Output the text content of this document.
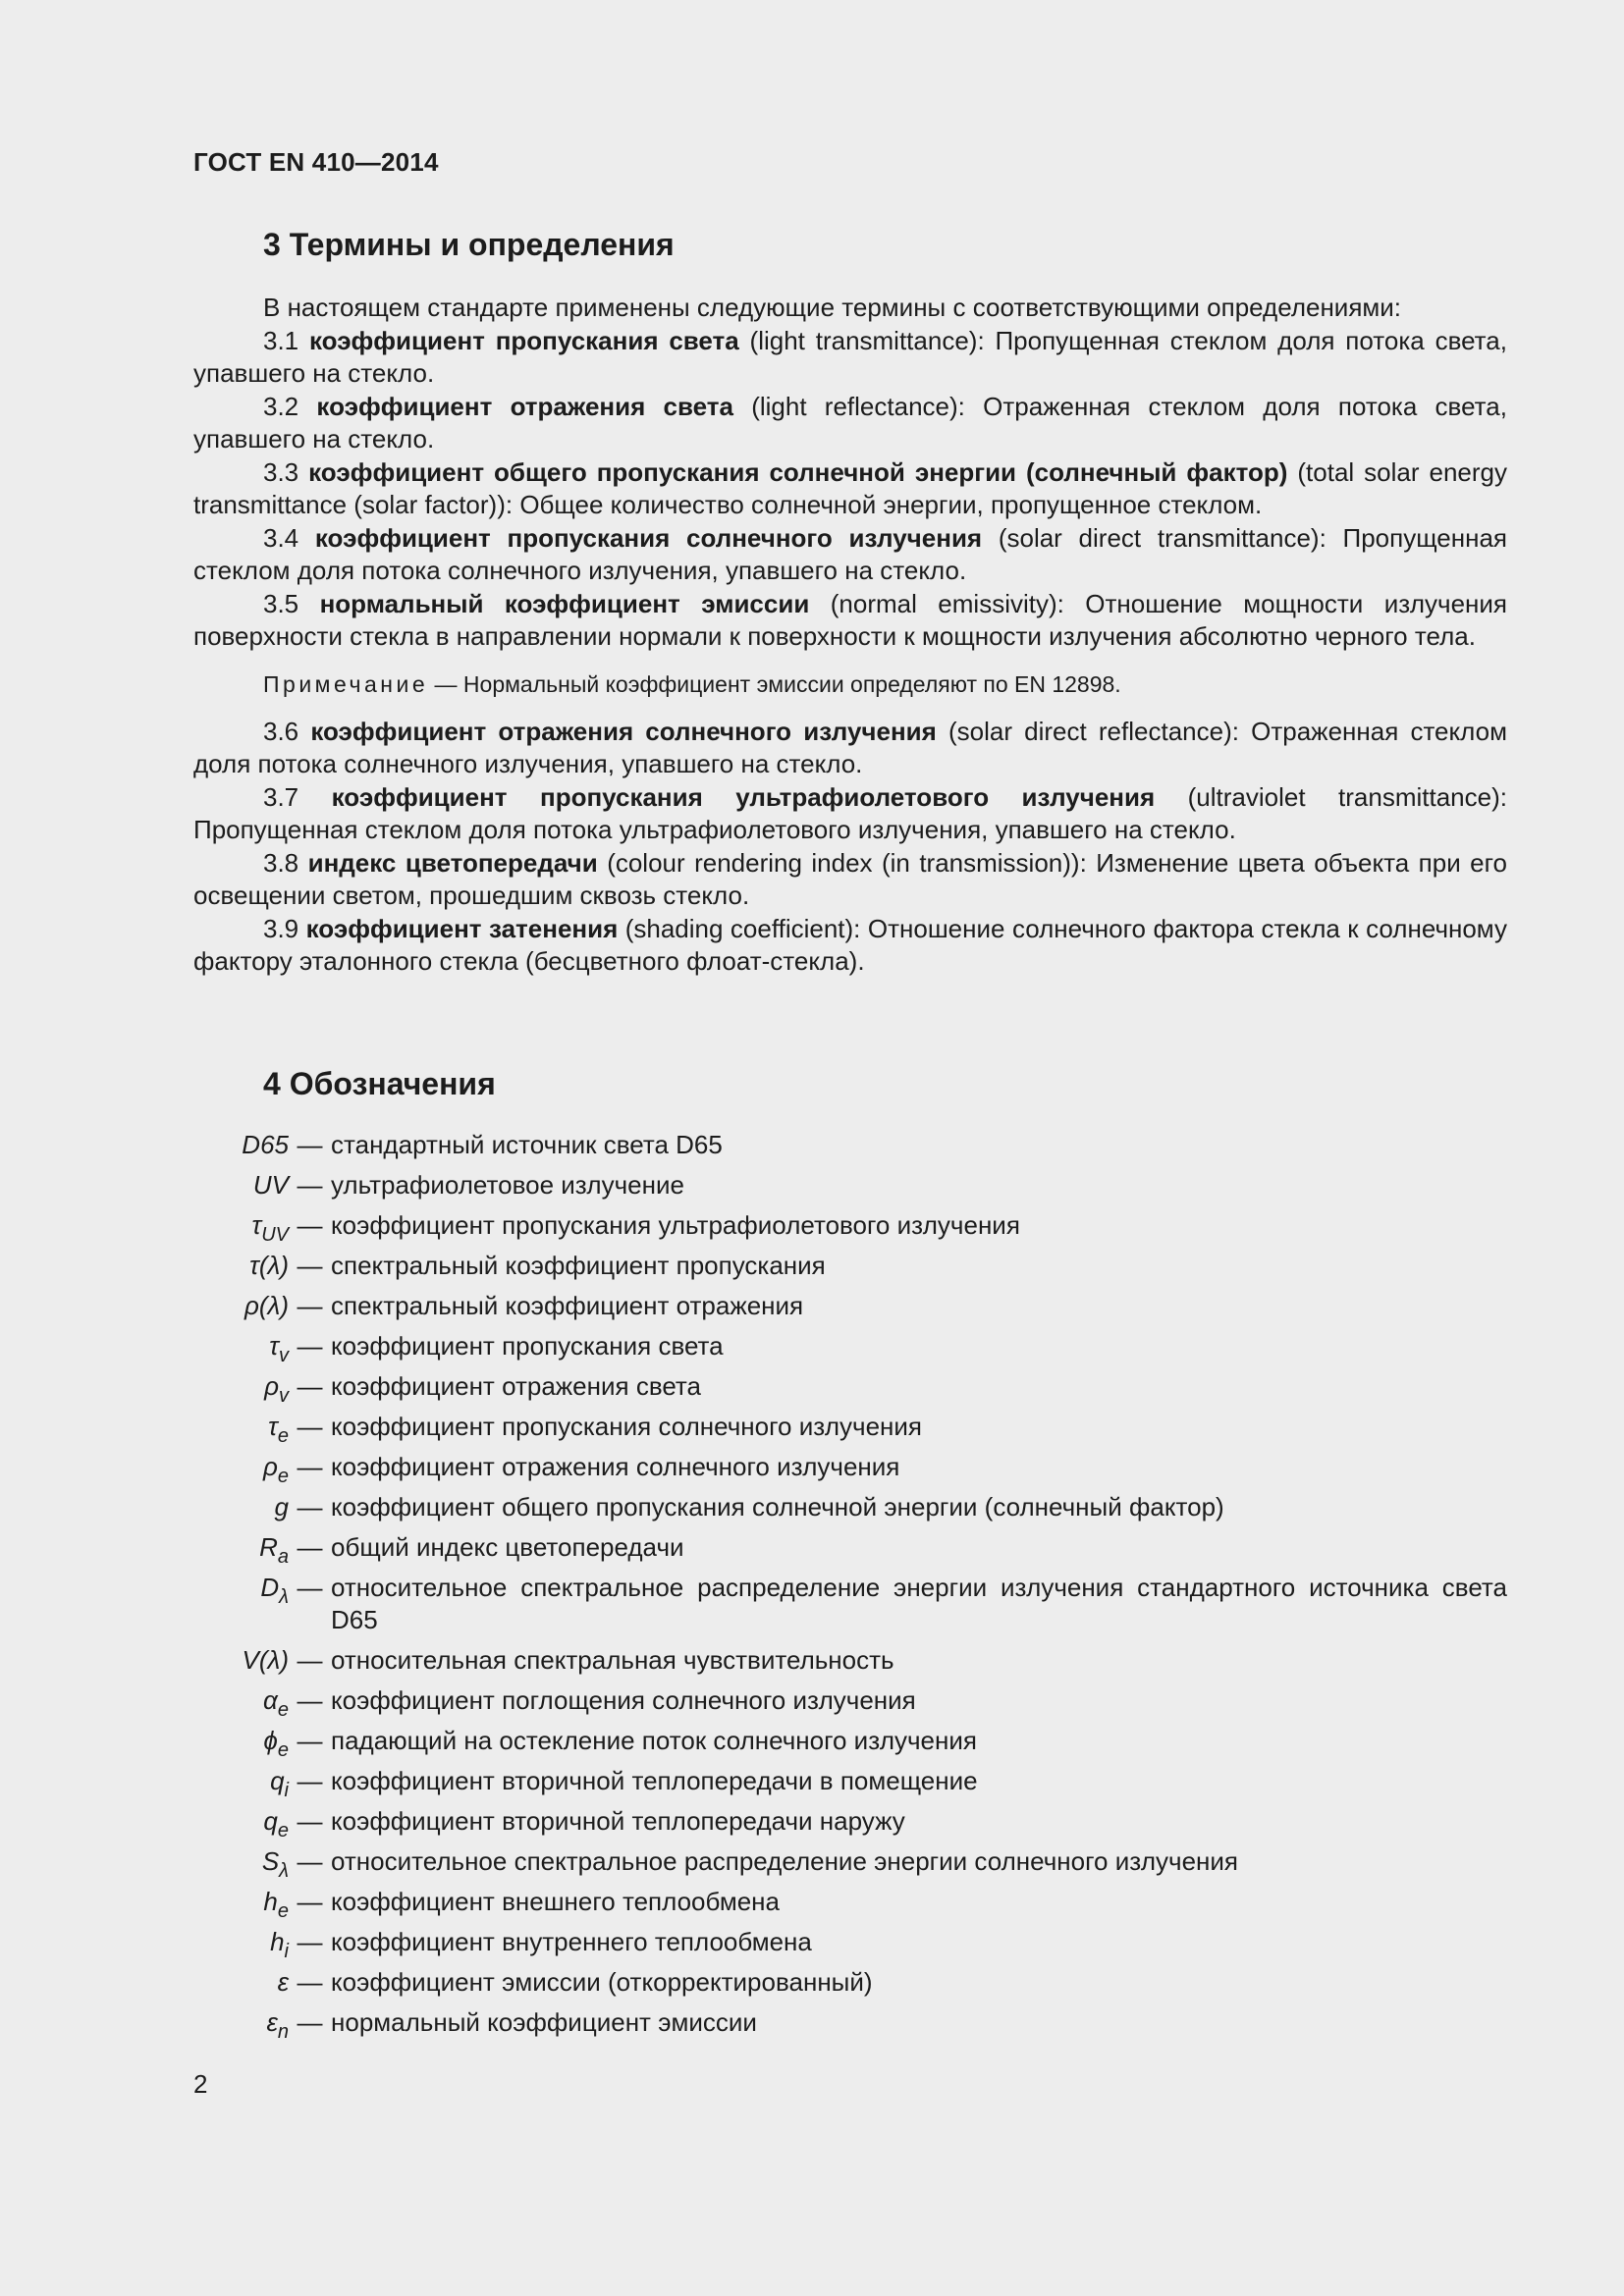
ГОСТ EN 410—2014
3 Термины и определения

В настоящем стандарте применены следующие термины с соответствующими определениями:

3.1 коэффициент пропускания света (light transmittance): Пропущенная стеклом доля потока света, упавшего на стекло.

3.2 коэффициент отражения света (light reflectance): Отраженная стеклом доля потока света, упавшего на стекло.

3.3 коэффициент общего пропускания солнечной энергии (солнечный фактор) (total solar energy transmittance (solar factor)): Общее количество солнечной энергии, пропущенное стеклом.

3.4 коэффициент пропускания солнечного излучения (solar direct transmittance): Пропущенная стеклом доля потока солнечного излучения, упавшего на стекло.

3.5 нормальный коэффициент эмиссии (normal emissivity): Отношение мощности излучения поверхности стекла в направлении нормали к поверхности к мощности излучения абсолютно черного тела.

Примечание — Нормальный коэффициент эмиссии определяют по EN 12898.

3.6 коэффициент отражения солнечного излучения (solar direct reflectance): Отраженная стеклом доля потока солнечного излучения, упавшего на стекло.

3.7 коэффициент пропускания ультрафиолетового излучения (ultraviolet transmittance): Пропущенная стеклом доля потока ультрафиолетового излучения, упавшего на стекло.

3.8 индекс цветопередачи (colour rendering index (in transmission)): Изменение цвета объекта при его освещении светом, прошедшим сквозь стекло.

3.9 коэффициент затенения (shading coefficient): Отношение солнечного фактора стекла к солнечному фактору эталонного стекла (бесцветного флоат-стекла).

4 Обозначения
D65 — стандартный источник света D65
UV — ультрафиолетовое излучение
$\tau_{UV}$ — коэффициент пропускания ультрафиолетового излучения
τ(λ) — спектральный коэффициент пропускания
ρ(λ) — спектральный коэффициент отражения
$\tau_v$ — коэффициент пропускания света
$\rho_v$ — коэффициент отражения света
$\tau_e$ — коэффициент пропускания солнечного излучения
$\rho_e$ — коэффициент отражения солнечного излучения
g — коэффициент общего пропускания солнечной энергии (солнечный фактор)
$R_a$ — общий индекс цветопередачи
$D_\lambda$ — относительное спектральное распределение энергии излучения стандартного источника света D65
V(λ) — относительная спектральная чувствительность
$\alpha_e$ — коэффициент поглощения солнечного излучения
$\phi_e$ — падающий на остекление поток солнечного излучения
$q_i$ — коэффициент вторичной теплопередачи в помещение
$q_e$ — коэффициент вторичной теплопередачи наружу
$S_\lambda$ — относительное спектральное распределение энергии солнечного излучения
$h_e$ — коэффициент внешнего теплообмена
$h_i$ — коэффициент внутреннего теплообмена
ε — коэффициент эмиссии (откорректированный)
$\varepsilon_n$ — нормальный коэффициент эмиссии
2
